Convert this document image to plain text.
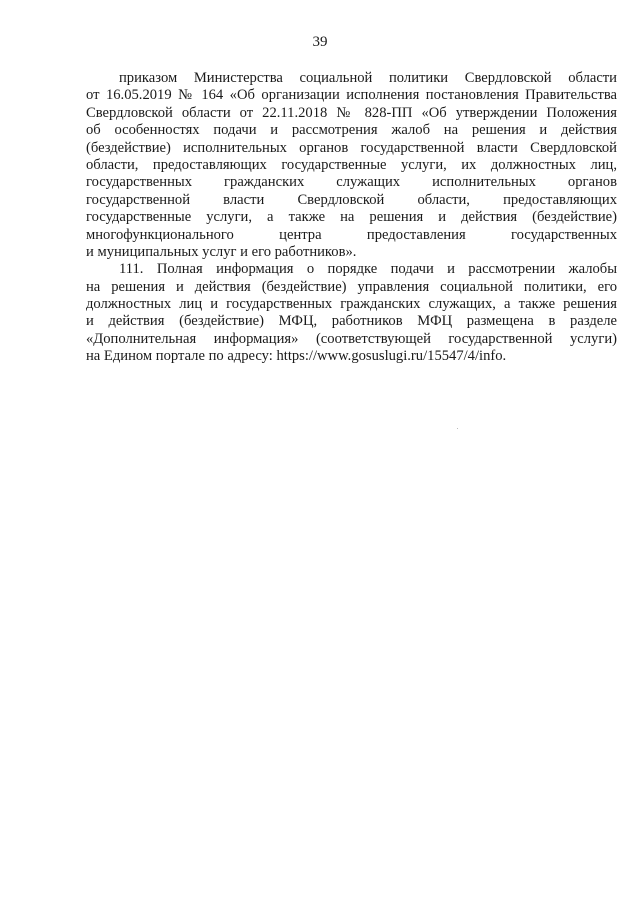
39
приказом Министерства социальной политики Свердловской области
от 16.05.2019 № 164 «Об организации исполнения постановления Правительства
Свердловской области от 22.11.2018 № 828-ПП «Об утверждении Положения
об особенностях подачи и рассмотрения жалоб на решения и действия
(бездействие) исполнительных органов государственной власти Свердловской
области, предоставляющих государственные услуги, их должностных лиц,
государственных гражданских служащих исполнительных органов
государственной власти Свердловской области, предоставляющих
государственные услуги, а также на решения и действия (бездействие)
многофункционального центра предоставления государственных
и муниципальных услуг и его работников».
111. Полная информация о порядке подачи и рассмотрении жалобы
на решения и действия (бездействие) управления социальной политики, его
должностных лиц и государственных гражданских служащих, а также решения
и действия (бездействие) МФЦ, работников МФЦ размещена в разделе
«Дополнительная информация» (соответствующей государственной услуги)
на Едином портале по адресу: https://www.gosuslugi.ru/15547/4/info.
